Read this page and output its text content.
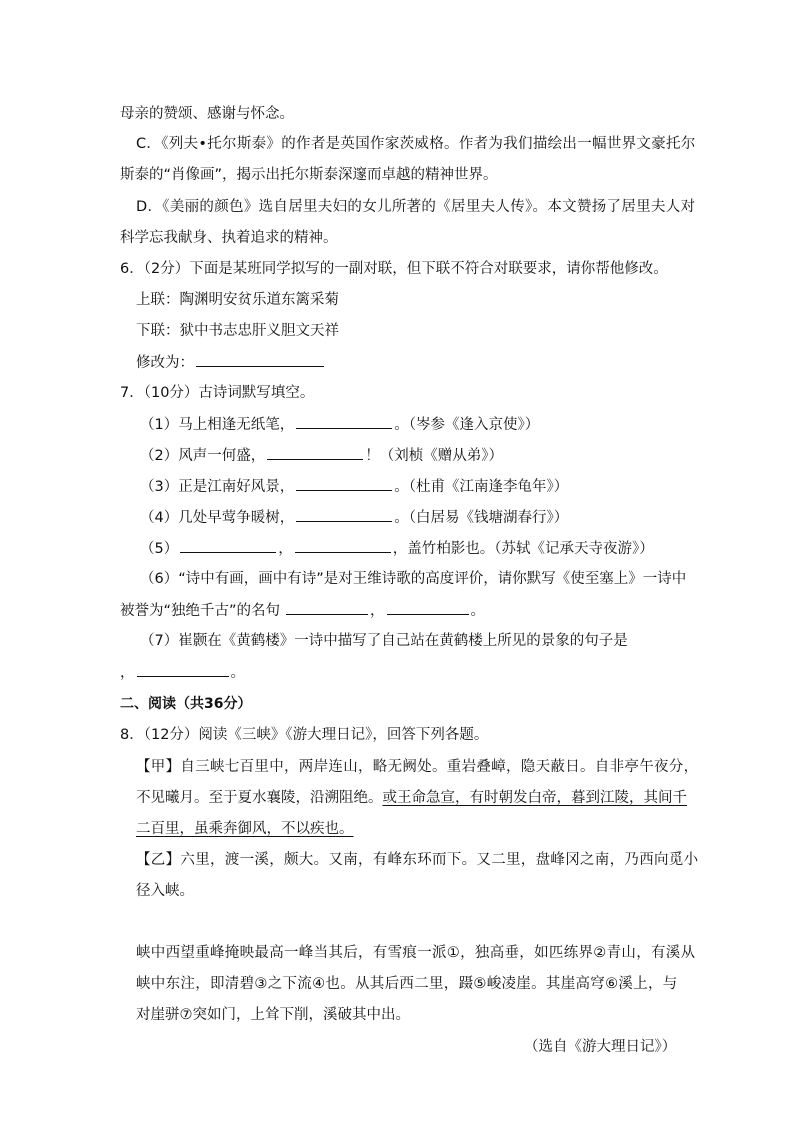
母亲的赞颂、感谢与怀念。
C．《列夫•托尔斯泰》的作者是英国作家茨威格。作者为我们描绘出一幅世界文豪托尔
斯泰的“肖像画”，揭示出托尔斯泰深邃而卓越的精神世界。
D．《美丽的颜色》选自居里夫妇的女儿所著的《居里夫人传》。本文赞扬了居里夫人对
科学忘我献身、执着追求的精神。
6．（2分）下面是某班同学拟写的一副对联，但下联不符合对联要求，请你帮他修改。
上联：陶渊明安贫乐道东篱采菊
下联：狱中书志忠肝义胆文天祥
修改为：
7．（10分）古诗词默写填空。
（1）马上相逢无纸笔，	。（岑参《逢入京使》）
（2）风声一何盛，	！（刘桢《赠从弟》）
（3）正是江南好风景，	。（杜甫《江南逢李龟年》）
（4）几处早莺争暖树，	。（白居易《钱塘湖春行》）
（5）	，	，盖竹柏影也。（苏轼《记承天寺夜游》）
（6）“诗中有画，画中有诗”是对王维诗歌的高度评价，请你默写《使至塞上》一诗中
被誉为“独绝千古”的名句	，	。
（7）崔颢在《黄鹤楼》一诗中描写了自己站在黄鹤楼上所见的景象的句子是
，	。
二、阅读（共36分）
8．（12分）阅读《三峡》《游大理日记》，回答下列各题。
【甲】自三峡七百里中，两岸连山，略无阙处。重岩叠嶂，隐天蔽日。自非亭午夜分，
不见曦月。至于夏水襄陵，沿溯阻绝。或王命急宣，有时朝发白帝，暮到江陵，其间千
二百里，虽乘奔御风，不以疾也。
【乙】六里，渡一溪，颇大。又南，有峰东环而下。又二里，盘峰冈之南，乃西向觅小
径入峡。
峡中西望重峰掩映最高一峰当其后，有雪痕一派①，独高垂，如匹练界②青山，有溪从
峡中东注，即清碧③之下流④也。从其后西二里，蹑⑤峻凌崖。其崖高穹⑥溪上，与
对崖骈⑦突如门，上耸下削，溪破其中出。
（选自《游大理日记》）
